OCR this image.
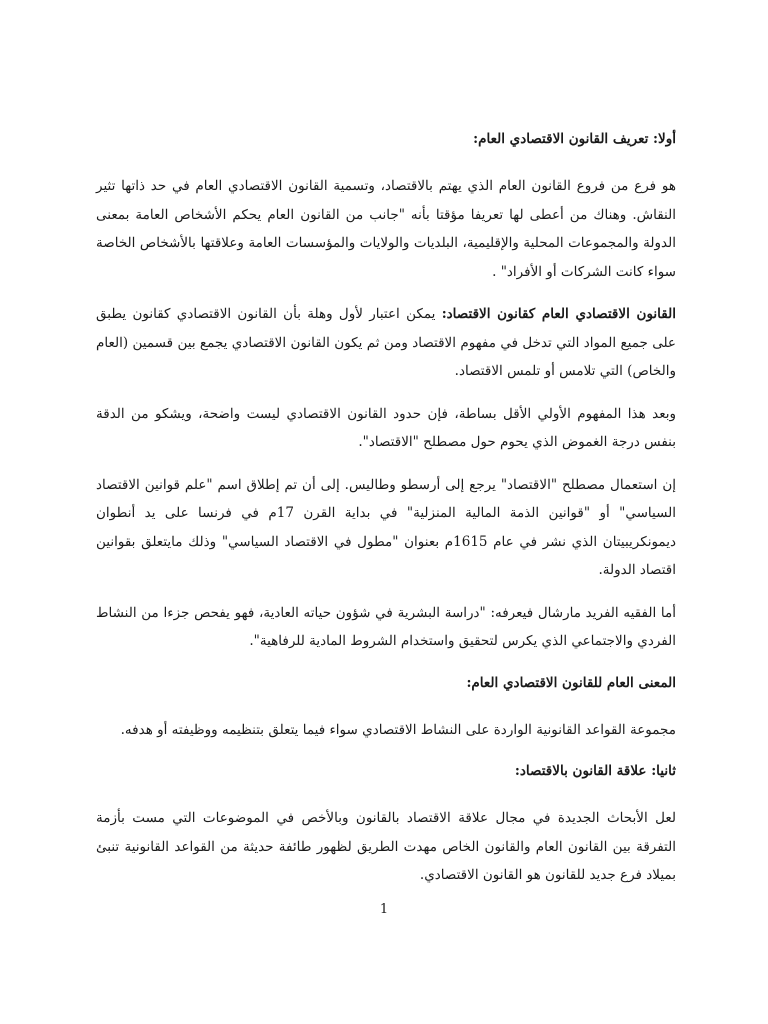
أولا: تعريف القانون الاقتصادي العام:

هو فرع من فروع القانون العام الذي يهتم بالاقتصاد، وتسمية القانون الاقتصادي العام في حد ذاتها تثير النقاش. وهناك من أعطى لها تعريفا مؤقتا بأنه "جانب من القانون العام يحكم الأشخاص العامة بمعنى الدولة والمجموعات المحلية والإقليمية، البلديات والولايات والمؤسسات العامة وعلاقتها بالأشخاص الخاصة سواء كانت الشركات أو الأفراد" .

القانون الاقتصادي العام كقانون الاقتصاد: يمكن اعتبار لأول وهلة بأن القانون الاقتصادي كقانون يطبق على جميع المواد التي تدخل في مفهوم الاقتصاد ومن ثم يكون القانون الاقتصادي يجمع بين قسمين (العام والخاص) التي تلامس أو تلمس الاقتصاد.

وبعد هذا المفهوم الأولي الأقل بساطة، فإن حدود القانون الاقتصادي ليست واضحة، ويشكو من الدقة بنفس درجة الغموض الذي يحوم حول مصطلح "الاقتصاد".

إن استعمال مصطلح "الاقتصاد" يرجع إلى أرسطو وطاليس. إلى أن تم إطلاق اسم "علم قوانين الاقتصاد السياسي" أو "قوانين الذمة المالية المنزلية" في بداية القرن 17م في فرنسا على يد أنطوان ديمونكريبيتان الذي نشر في عام 1615م بعنوان "مطول في الاقتصاد السياسي" وذلك مايتعلق بقوانين اقتصاد الدولة.

أما الفقيه الفريد مارشال فيعرفه: "دراسة البشرية في شؤون حياته العادية، فهو يفحص جزءا من النشاط الفردي والاجتماعي الذي يكرس لتحقيق واستخدام الشروط المادية للرفاهية".

المعنى العام للقانون الاقتصادي العام:

مجموعة القواعد القانونية الواردة على النشاط الاقتصادي سواء فيما يتعلق بتنظيمه ووظيفته أو هدفه.

ثانيا: علاقة القانون بالاقتصاد:

لعل الأبحاث الجديدة في مجال علاقة الاقتصاد بالقانون وبالأخص في الموضوعات التي مست بأزمة التفرقة بين القانون العام والقانون الخاص مهدت الطريق لظهور طائفة حديثة من القواعد القانونية تنبئ بميلاد فرع جديد للقانون هو القانون الاقتصادي.

1
